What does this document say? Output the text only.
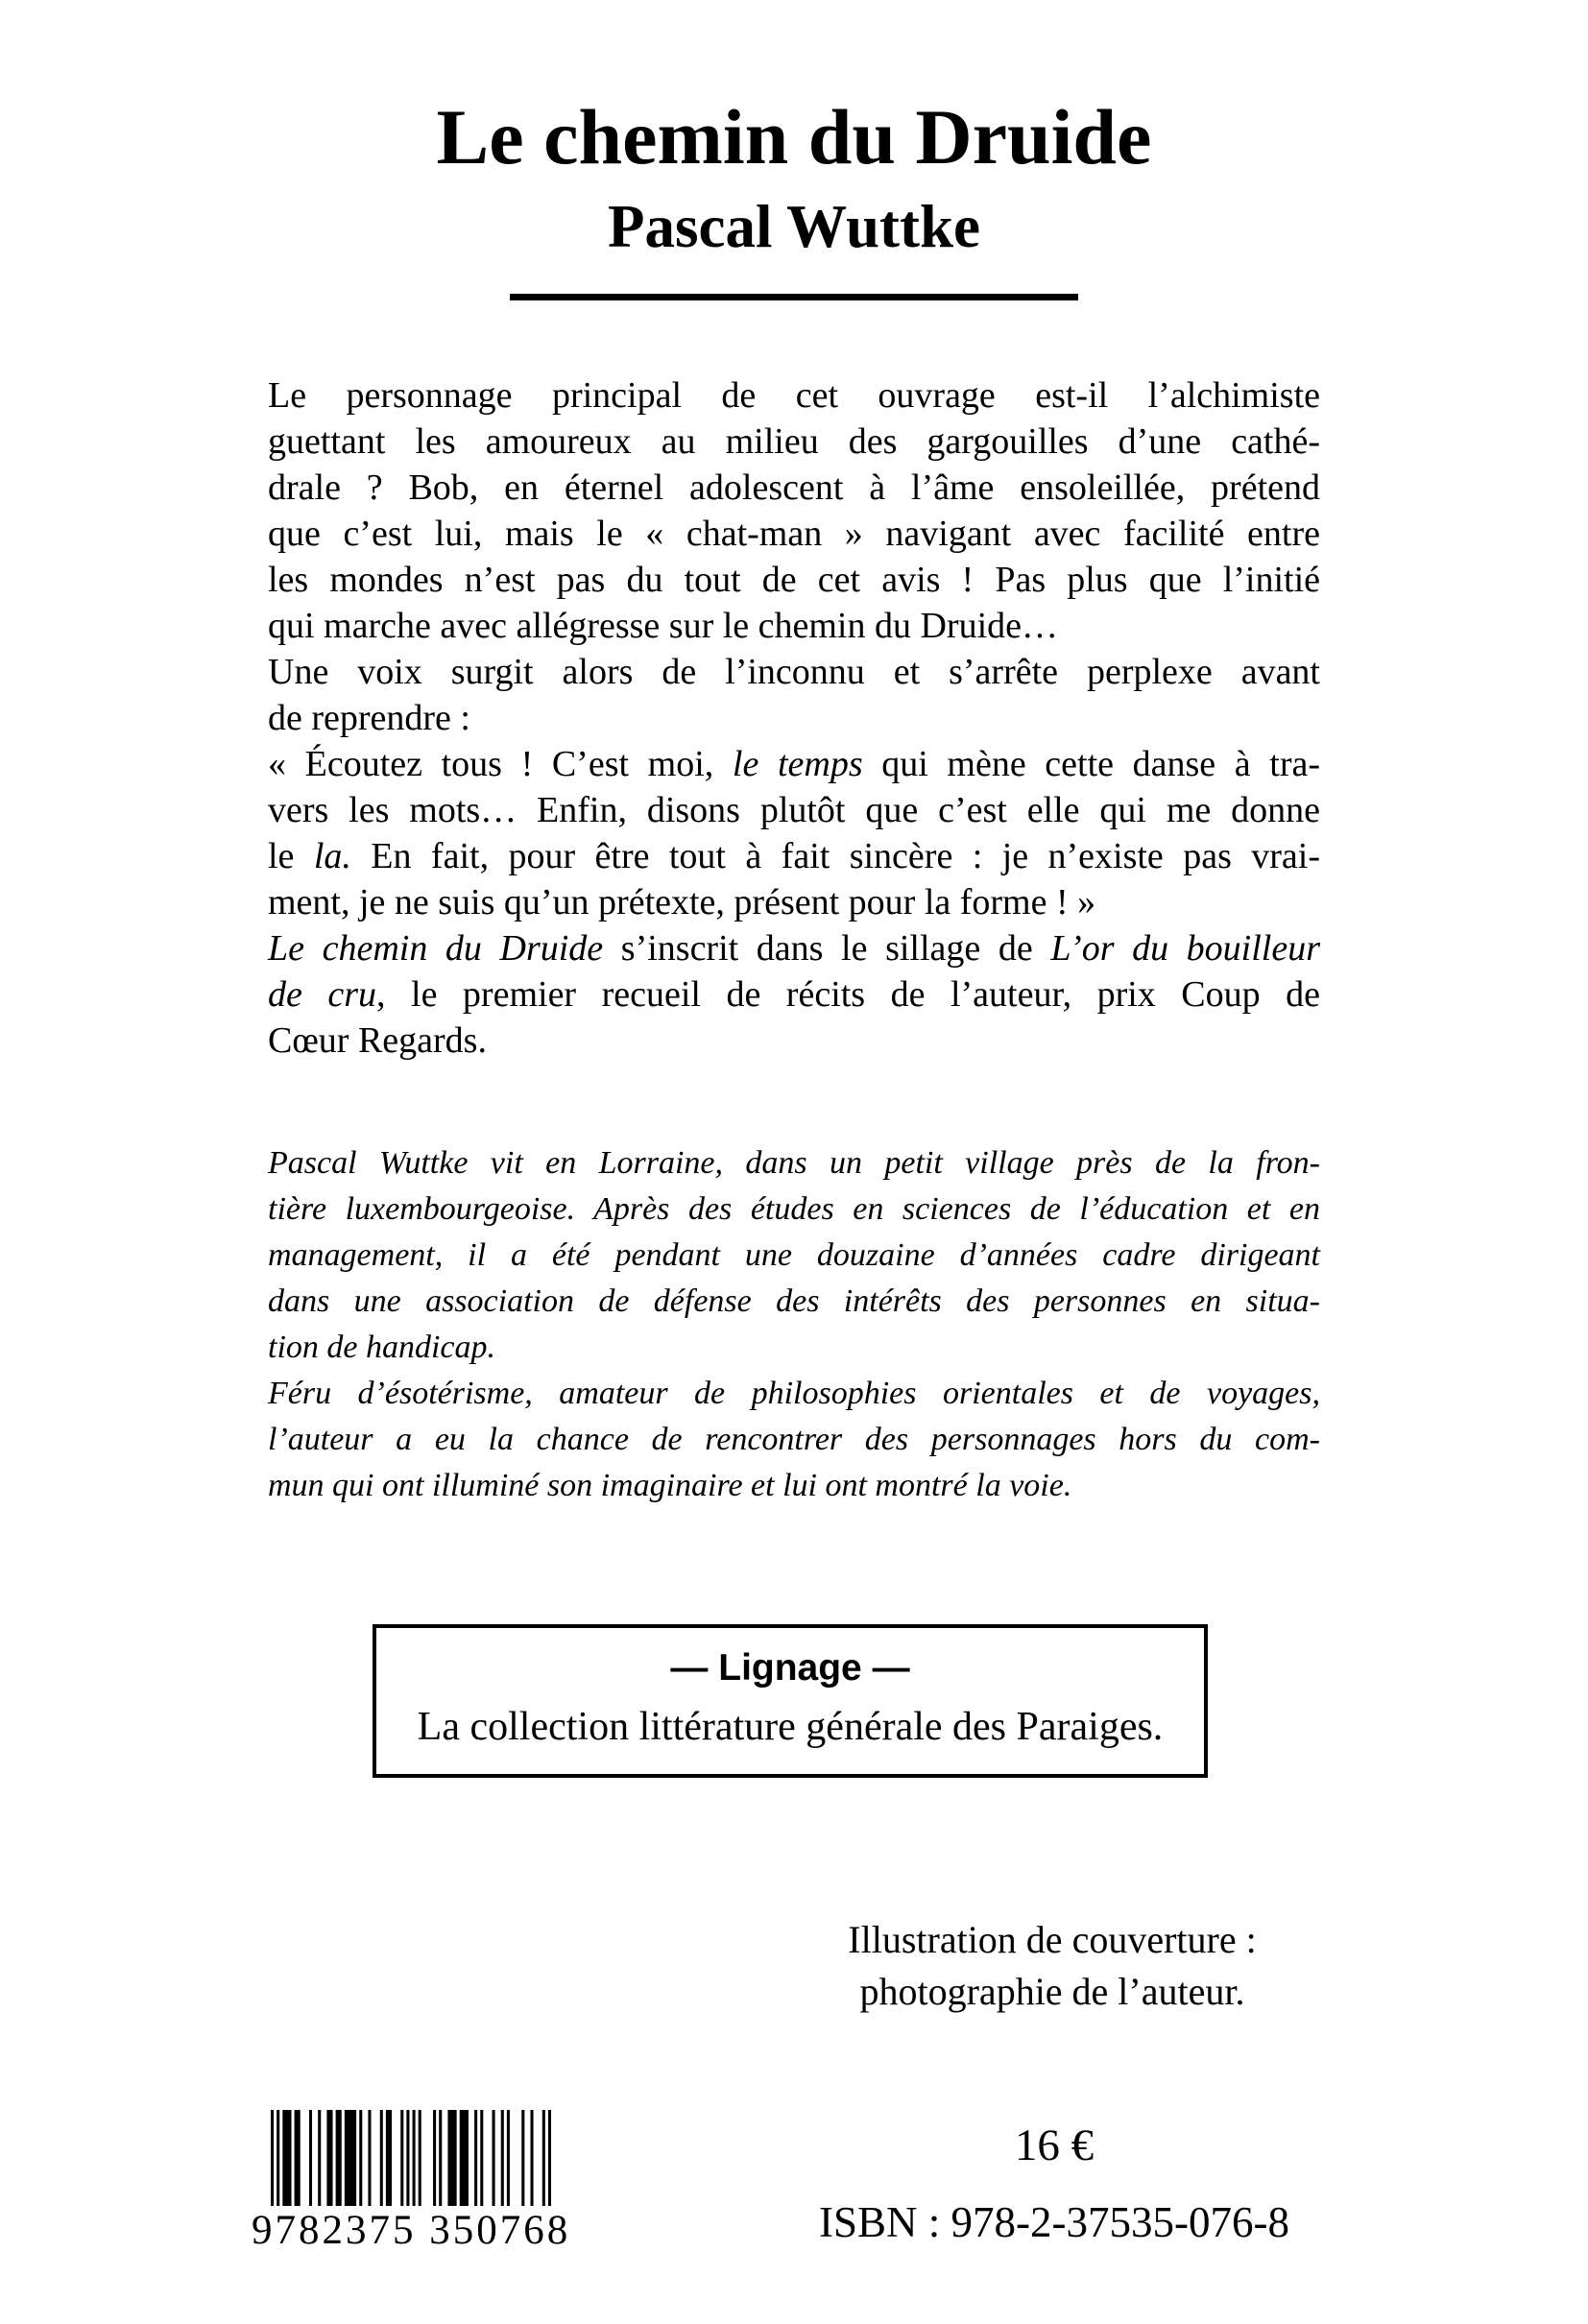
Le chemin du Druide
Pascal Wuttke
Le personnage principal de cet ouvrage est-il l’alchimiste
guettant les amoureux au milieu des gargouilles d’une cathé-
drale ? Bob, en éternel adolescent à l’âme ensoleillée, prétend
que c’est lui, mais le « chat-man » navigant avec facilité entre
les mondes n’est pas du tout de cet avis ! Pas plus que l’initié
qui marche avec allégresse sur le chemin du Druide…
Une voix surgit alors de l’inconnu et s’arrête perplexe avant
de reprendre :
« Écoutez tous ! C’est moi, le temps qui mène cette danse à tra-
vers les mots… Enfin, disons plutôt que c’est elle qui me donne
le la. En fait, pour être tout à fait sincère : je n’existe pas vrai-
ment, je ne suis qu’un prétexte, présent pour la forme ! »
Le chemin du Druide s’inscrit dans le sillage de L’or du bouilleur
de cru, le premier recueil de récits de l’auteur, prix Coup de
Cœur Regards.
Pascal Wuttke vit en Lorraine, dans un petit village près de la fron-
tière luxembourgeoise. Après des études en sciences de l’éducation et en
management, il a été pendant une douzaine d’années cadre dirigeant
dans une association de défense des intérêts des personnes en situa-
tion de handicap.
Féru d’ésotérisme, amateur de philosophies orientales et de voyages,
l’auteur a eu la chance de rencontrer des personnages hors du com-
mun qui ont illuminé son imaginaire et lui ont montré la voie.
— Lignage —
La collection littérature générale des Paraiges.
Illustration de couverture :
photographie de l’auteur.
9782375 350768
16 €
ISBN : 978-2-37535-076-8
